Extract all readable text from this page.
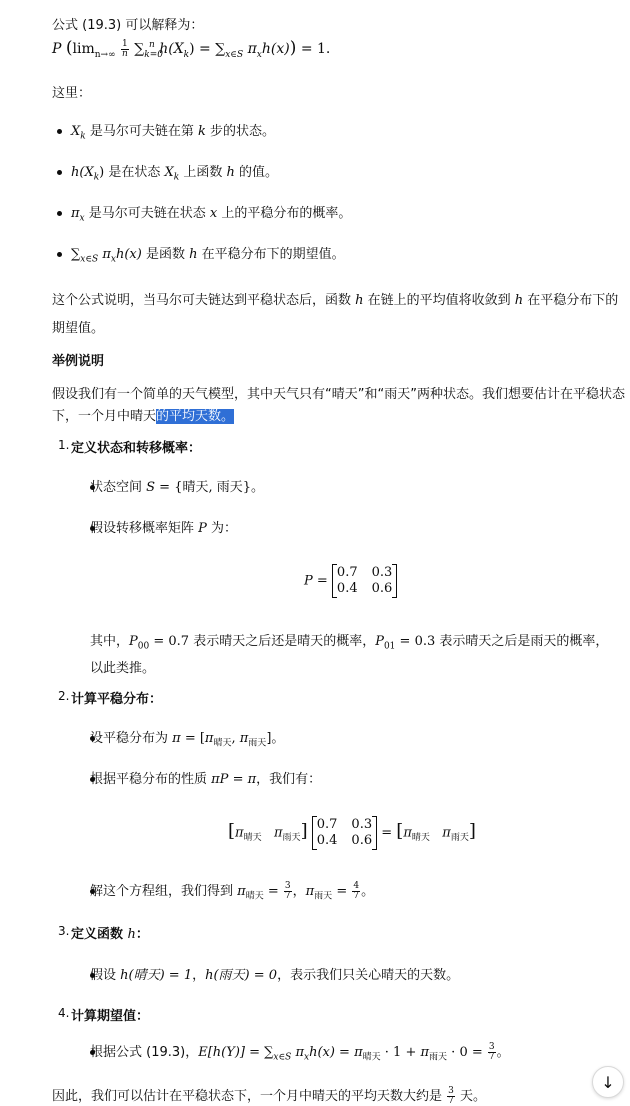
公式 (19.3) 可以解释为：
P ($\lim_{n\to\infty} \frac{1}{n} \sum_{k=0}^n$ $h(X_k) = \sum_{x\in S}$ $\pi_xh(x)) = 1$.
这里：
$X_k$ 是马尔可夫链在第 k 步的状态。
$h(X_k)$ 是在状态 $X_k$ 上函数 h 的值。
$\pi_x$ 是马尔可夫链在状态 x 上的平稳分布的概率。
$\sum_{x\in S}$ $\pi_xh(x)$ 是函数 h 在平稳分布下的期望值。
这个公式说明，当马尔可夫链达到平稳状态后，函数 h 在链上的平均值将收敛到 h 在平稳分布下的
期望值。
举例说明
假设我们有一个简单的天气模型，其中天气只有“晴天”和“雨天”两种状态。我们想要估计在平稳状态
下，一个月中晴天的平均天数。
1. 定义状态和转移概率：
状态空间 S = {晴天, 雨天}。
假设转移概率矩阵 P 为：
P =
0.7 0.3
0.4 0.6
其中，$P_{00} = 0.7$ 表示晴天之后还是晴天的概率，$P_{01} = 0.3$ 表示晴天之后是雨天的概率，
以此类推。
2. 计算平稳分布：
设平稳分布为 $\pi = [\pi_{晴天}$, $\pi_{雨天}$]。
根据平稳分布的性质 πP = π，我们有：
[$\pi_{晴天}$ $\pi_{雨天}$] 0.7 0.3
0.4 $0.6 = [\pi_{晴天}$ $\pi_{雨天}$]
解这个方程组，我们得到 $\pi_{晴天} = \frac{3}{7}$ ，$\pi_{雨天} = \frac{4}{7}$ 。
3. 定义函数 h：
假设 h(晴天) = 1，h(雨天) = 0，表示我们只关心晴天的天数。
4. 计算期望值：
根据公式 (19.3)，$E[h(Y)] = \sum_{x\in S}$ $\pi_xh(x) = \pi_{晴天} \cdot 1 + \pi_{雨天} \cdot 0 = \frac{3}{7}$ 。
因此，我们可以估计在平稳状态下，一个月中晴天的平均天数大约是 $\frac{3}{7}$ 天。
↓
